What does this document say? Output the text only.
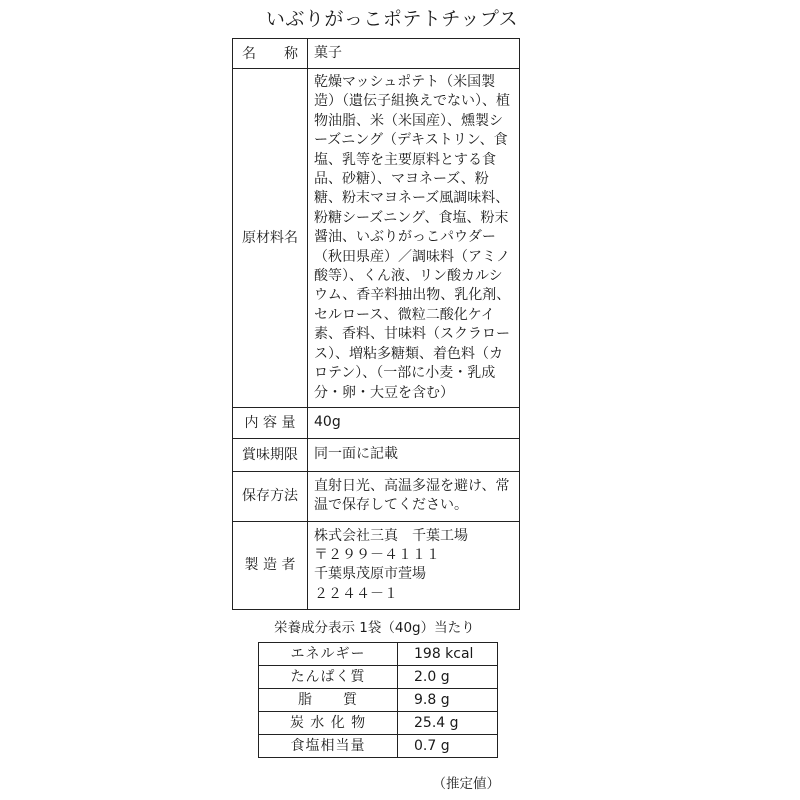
いぶりがっこポテトチップス
名　　称	菓子
原材料名	乾燥マッシュポテト（米国製造）（遺伝子組換えでない）、植物油脂、米（米国産）、燻製シーズニング（デキストリン、食塩、乳等を主要原料とする食品、砂糖）、マヨネーズ、粉糖、粉末マヨネーズ風調味料、粉糖シーズニング、食塩、粉末醤油、いぶりがっこパウダー（秋田県産）／調味料（アミノ酸等）、くん液、リン酸カルシウム、香辛料抽出物、乳化剤、セルロース、微粒二酸化ケイ素、香料、甘味料（スクラロース）、増粘多糖類、着色料（カロテン）、（一部に小麦・乳成分・卵・大豆を含む）
内 容 量	40g
賞味期限	同一面に記載
保存方法	直射日光、高温多湿を避け、常温で保存してください。
製 造 者	株式会社三真　千葉工場
〒２９９－４１１１
千葉県茂原市萱場
２２４４－１
栄養成分表示 1袋（40g）当たり
エネルギー	198 kcal
たんぱく質	2.0 g
脂　　質	9.8 g
炭 水 化 物	25.4 g
食塩相当量	0.7 g
（推定値）
